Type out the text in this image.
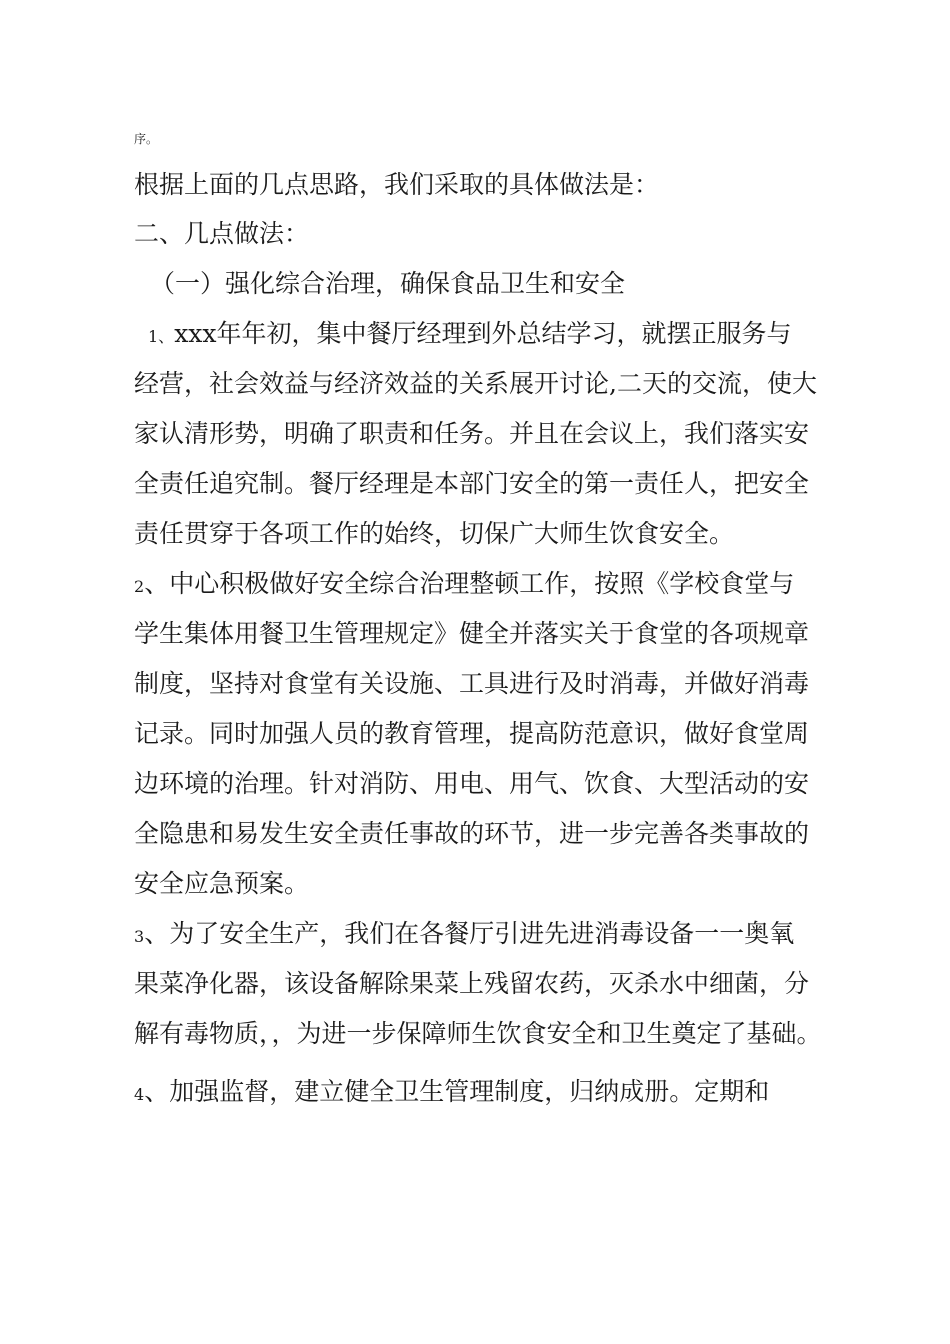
序。
根据上面的几点思路，我们采取的具体做法是：
二、几点做法：
（一）强化综合治理，确保食品卫生和安全
1、xxx年年初，集中餐厅经理到外总结学习，就摆正服务与
经营，社会效益与经济效益的关系展开讨论,二天的交流，使大
家认清形势，明确了职责和任务。并且在会议上，我们落实安
全责任追究制。餐厅经理是本部门安全的第一责任人，把安全
责任贯穿于各项工作的始终，切保广大师生饮食安全。
2、中心积极做好安全综合治理整顿工作，按照《学校食堂与
学生集体用餐卫生管理规定》健全并落实关于食堂的各项规章
制度，坚持对食堂有关设施、工具进行及时消毒，并做好消毒
记录。同时加强人员的教育管理，提高防范意识，做好食堂周
边环境的治理。针对消防、用电、用气、饮食、大型活动的安
全隐患和易发生安全责任事故的环节，进一步完善各类事故的
安全应急预案。
3、为了安全生产，我们在各餐厅引进先进消毒设备一一奥氧
果菜净化器，该设备解除果菜上残留农药，灭杀水中细菌，分
解有毒物质，，为进一步保障师生饮食安全和卫生奠定了基础。
4、加强监督，建立健全卫生管理制度，归纳成册。定期和
